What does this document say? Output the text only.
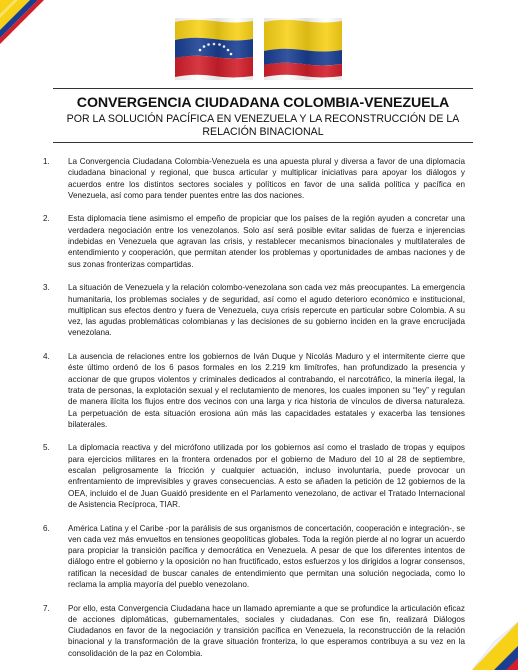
CONVERGENCIA CIUDADANA COLOMBIA-VENEZUELA

POR LA SOLUCIÓN PACÍFICA EN VENEZUELA Y LA RECONSTRUCCIÓN DE LA RELACIÓN BINACIONAL

1.	La Convergencia Ciudadana Colombia-Venezuela es una apuesta plural y diversa a favor de una diplomacia ciudadana binacional y regional, que busca articular y multiplicar iniciativas para apoyar los diálogos y acuerdos entre los distintos sectores sociales y políticos en favor de una salida política y pacífica en Venezuela, así como para tender puentes entre las dos naciones.
2.	Esta diplomacia tiene asimismo el empeño de propiciar que los países de la región ayuden a concretar una verdadera negociación entre los venezolanos. Solo así será posible evitar salidas de fuerza e injerencias indebidas en Venezuela que agravan las crisis, y restablecer mecanismos binacionales y multilaterales de entendimiento y cooperación, que permitan atender los problemas y oportunidades de ambas naciones y de sus zonas fronterizas compartidas.
3.	La situación de Venezuela y la relación colombo-venezolana son cada vez más preocupantes. La emergencia humanitaria, los problemas sociales y de seguridad, así como el agudo deterioro económico e institucional, multiplican sus efectos dentro y fuera de Venezuela, cuya crisis repercute en particular sobre Colombia. A su vez, las agudas problemáticas colombianas y las decisiones de su gobierno inciden en la grave encrucijada venezolana.
4.	La ausencia de relaciones entre los gobiernos de Iván Duque y Nicolás Maduro y el intermitente cierre que éste último ordenó de los 6 pasos formales en los 2.219 km limítrofes, han profundizado la presencia y accionar de que grupos violentos y criminales dedicados al contrabando, el narcotráfico, la minería ilegal, la trata de personas, la explotación sexual y el reclutamiento de menores, los cuales imponen su “ley” y regulan de manera ilícita los flujos entre dos vecinos con una larga y rica historia de vínculos de diversa naturaleza. La perpetuación de esta situación erosiona aún más las capacidades estatales y exacerba las tensiones bilaterales.
5.	La diplomacia reactiva y del micrófono utilizada por los gobiernos así como el traslado de tropas y equipos para ejercicios militares en la frontera ordenados por el gobierno de Maduro del 10 al 28 de septiembre, escalan peligrosamente la fricción y cualquier actuación, incluso involuntaria, puede provocar un enfrentamiento de imprevisibles y graves consecuencias. A esto se añaden la petición de 12 gobiernos de la OEA, incluido el de Juan Guaidó presidente en el Parlamento venezolano, de activar el Tratado Internacional de Asistencia Recíproca, TIAR.
6.	América Latina y el Caribe -por la parálisis de sus organismos de concertación, cooperación e integración-, se ven cada vez más envueltos en tensiones geopolíticas globales. Toda la región pierde al no lograr un acuerdo para propiciar la transición pacífica y democrática en Venezuela. A pesar de que los diferentes intentos de diálogo entre el gobierno y la oposición no han fructificado, estos esfuerzos y los dirigidos a lograr consensos, ratifican la necesidad de buscar canales de entendimiento que permitan una solución negociada, como lo reclama la amplia mayoría del pueblo venezolano.
7.	Por ello, esta Convergencia Ciudadana hace un llamado apremiante a que se profundice la articulación eficaz de acciones diplomáticas, gubernamentales, sociales y ciudadanas. Con ese fin, realizará Diálogos Ciudadanos en favor de la negociación y transición pacífica en Venezuela, la reconstrucción de la relación binacional y la transformación de la grave situación fronteriza, lo que esperamos contribuya a su vez en la consolidación de la paz en Colombia.
